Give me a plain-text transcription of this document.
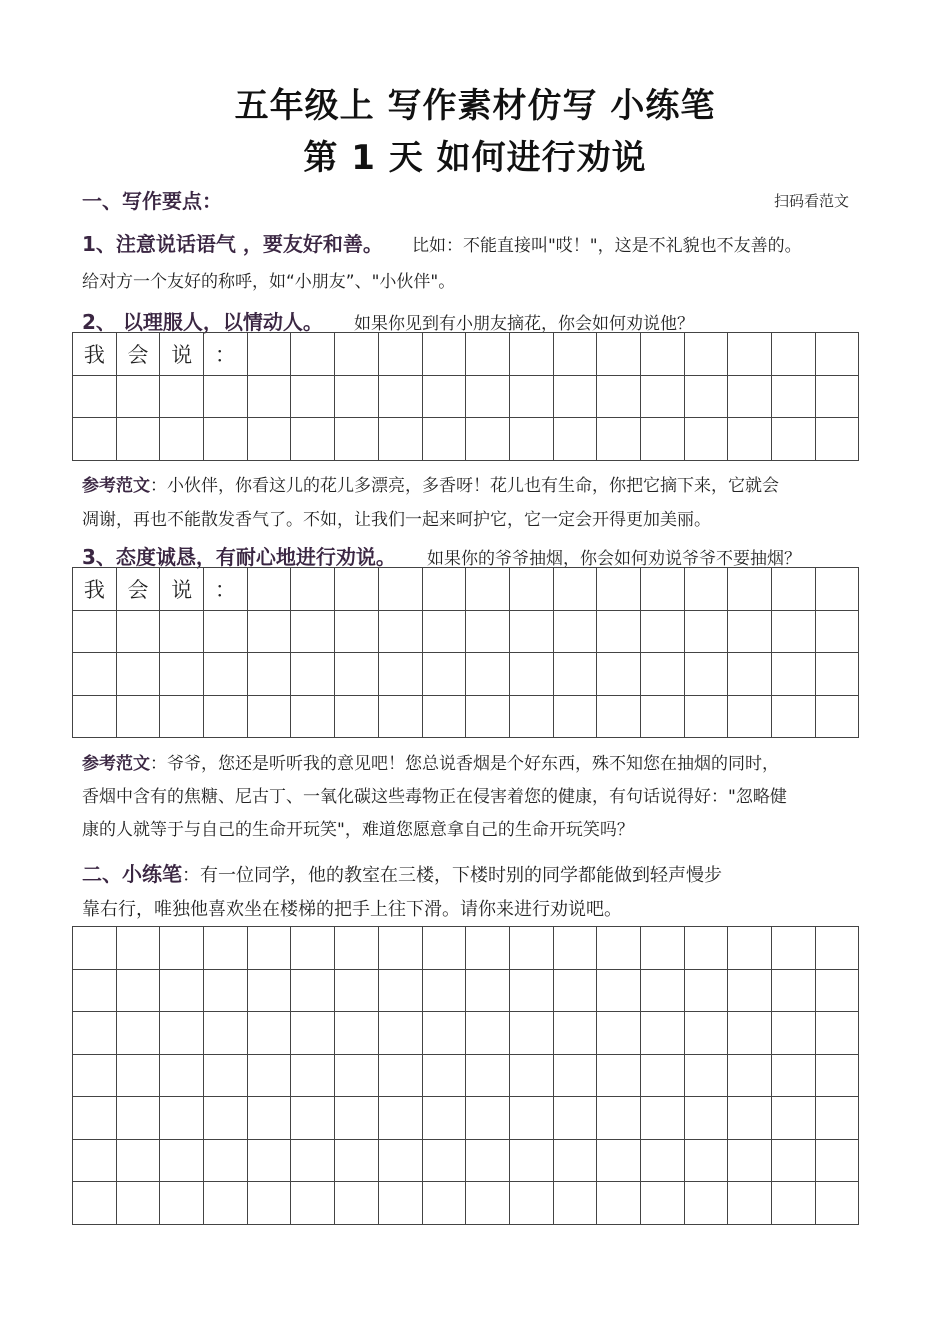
五年级上 写作素材仿写 小练笔
第 1 天 如何进行劝说
一、写作要点：	扫码看范文
1、注意说话语气 ，要友好和善。 比如：不能直接叫"哎！"，这是不礼貌也不友善的。
给对方一个友好的称呼，如“小朋友”、"小伙伴"。
2、 以理服人，以情动人。 如果你见到有小朋友摘花，你会如何劝说他？
我	会	说	：
参考范文：小伙伴，你看这儿的花儿多漂亮，多香呀！花儿也有生命，你把它摘下来，它就会
凋谢，再也不能散发香气了。不如，让我们一起来呵护它，它一定会开得更加美丽。
3、态度诚恳，有耐心地进行劝说。 如果你的爷爷抽烟，你会如何劝说爷爷不要抽烟？
我	会	说	：
参考范文：爷爷，您还是听听我的意见吧！您总说香烟是个好东西，殊不知您在抽烟的同时，
香烟中含有的焦糖、尼古丁、一氧化碳这些毒物正在侵害着您的健康，有句话说得好："忽略健
康的人就等于与自己的生命开玩笑"，难道您愿意拿自己的生命开玩笑吗？
二、小练笔：有一位同学，他的教室在三楼，下楼时别的同学都能做到轻声慢步
靠右行，唯独他喜欢坐在楼梯的把手上往下滑。请你来进行劝说吧。
